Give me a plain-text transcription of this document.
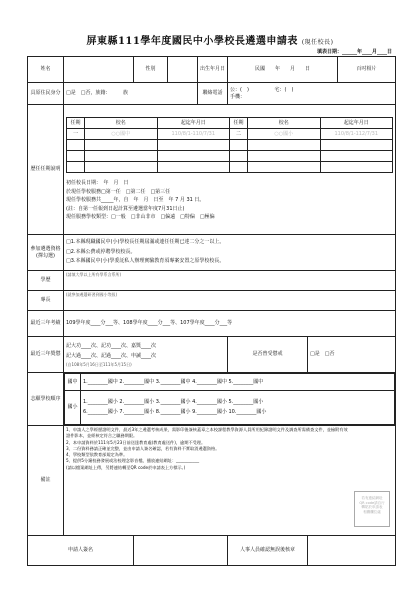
屏東縣111學年度國民中小學校長遴選申請表 (現任校長)
填表日期：______年____月____日
姓名		性別		出生年月日	民國　　年　　月　　日	百吋相片
具原住民身分	□是　□否，族籍：　　　族	聯絡電話	公：(　)	宅：(　)
手機：
歷任任期說明	
任期	校名	起迄年月日	任期	校名	起迄年月日
一	○○國中	110/8/1-110/7/31	二	○○國小	110/8/1-112/7/31

初任校長日期：　年　月　日
於現任學校服務□第一任　□第二任　□第三任
現任學校服務共_____年，自　年　月　日至　年 7 月 31 日。
(註：自第一任報到日起計算至遴選當年度7月31日止)
現任服務學校類型：□一般　□非山非市　□偏遠　□特偏　□極偏

參加遴選資格(擇勾選)	
□1.本縣現職國民中(小)學校長任期屆滿或連任任期已達二分之一以上。
□2.本縣公費或停聘學校校長。
□3.本縣國民中(小)學委託私人辦理實驗教育須專案安置之原學校校長。

學歷	(請填大學以上所有學系含系所)
專長	(就參加遴選研習到國小等級)
最近三年考績	109學年度____分___等、108學年度____分___等、107學年度____分___等
最近三年獎懲	
記大功____次、記功____次、嘉獎____次
記大過____次、記過____次、申誡____次
(自108年5月16日至111年5月15日)
	是否曾受懲戒	□是　□否
志願學校順序	
國中	1.________國中 2.________國中 3.________國中 4.________國中 5.________國中
國小	
1.________國小 2.________國小 3.________國小 4.________國小 5.________國小
6.________國小 7.________國小 8.________國小 9.________國小 10.________國小

備註	
1、申請人之學經歷證明文件，最近3年之遴選考核成果，需影印後簽核蓋章之本校課程教學資源人員所用紀錄證明文件及調查所需備查文件，並檢附有效證件影本，並經核定符合之職務期限。
2、本申請資料於111年5月23日前送達教育處(教育處送件)，逾期不受理。
3、二份資料務請正確並完整，並由申請人簽名確認，若有資料不實取消遴選資格。
4、學校類型依教育部規定為準。
5、提供5分鐘校務發展或治校理念影音檔，播放連結網址：___________
(請以檔案網址上傳，另將連結轉至QR code於申請表上方標示。)

申請人簽名		人事人員確認無誤後核章	
若有連結網址
QR code請自行
轉貼於申請表
相關欄位處
